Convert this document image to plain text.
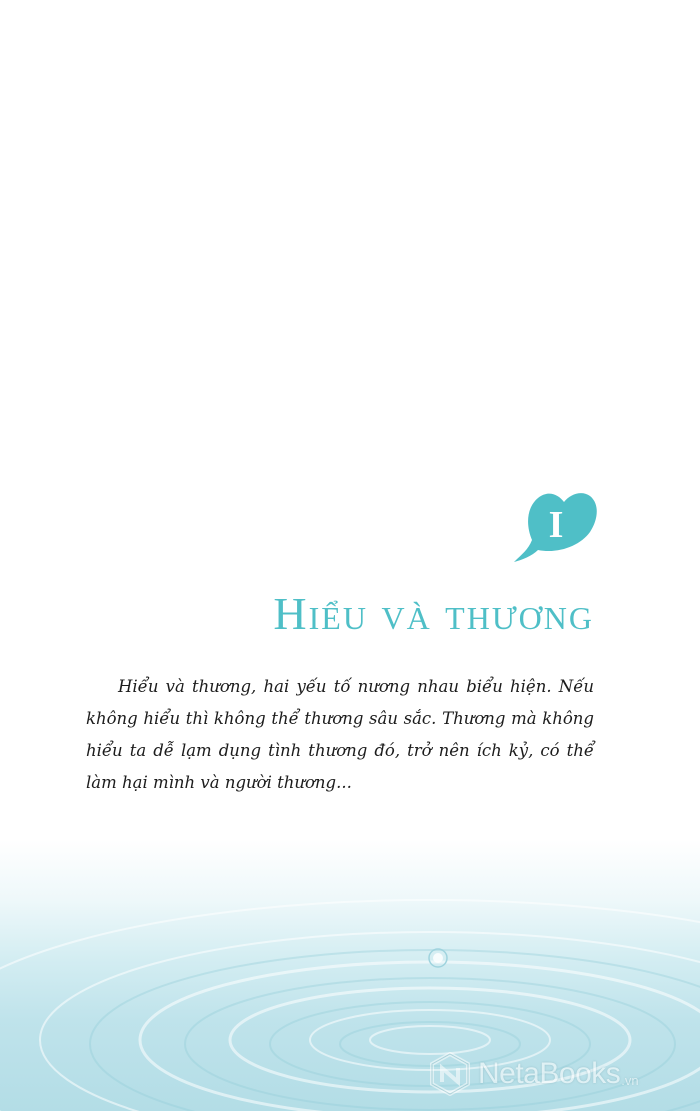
I
Hiểu và thương

Hiểu và thương, hai yếu tố nương nhau biểu hiện. Nếu không hiểu thì không thể thương sâu sắc. Thương mà không hiểu ta dễ lạm dụng tình thương đó, trở nên ích kỷ, có thể làm hại mình và người thương...

NetaBooks .vn
